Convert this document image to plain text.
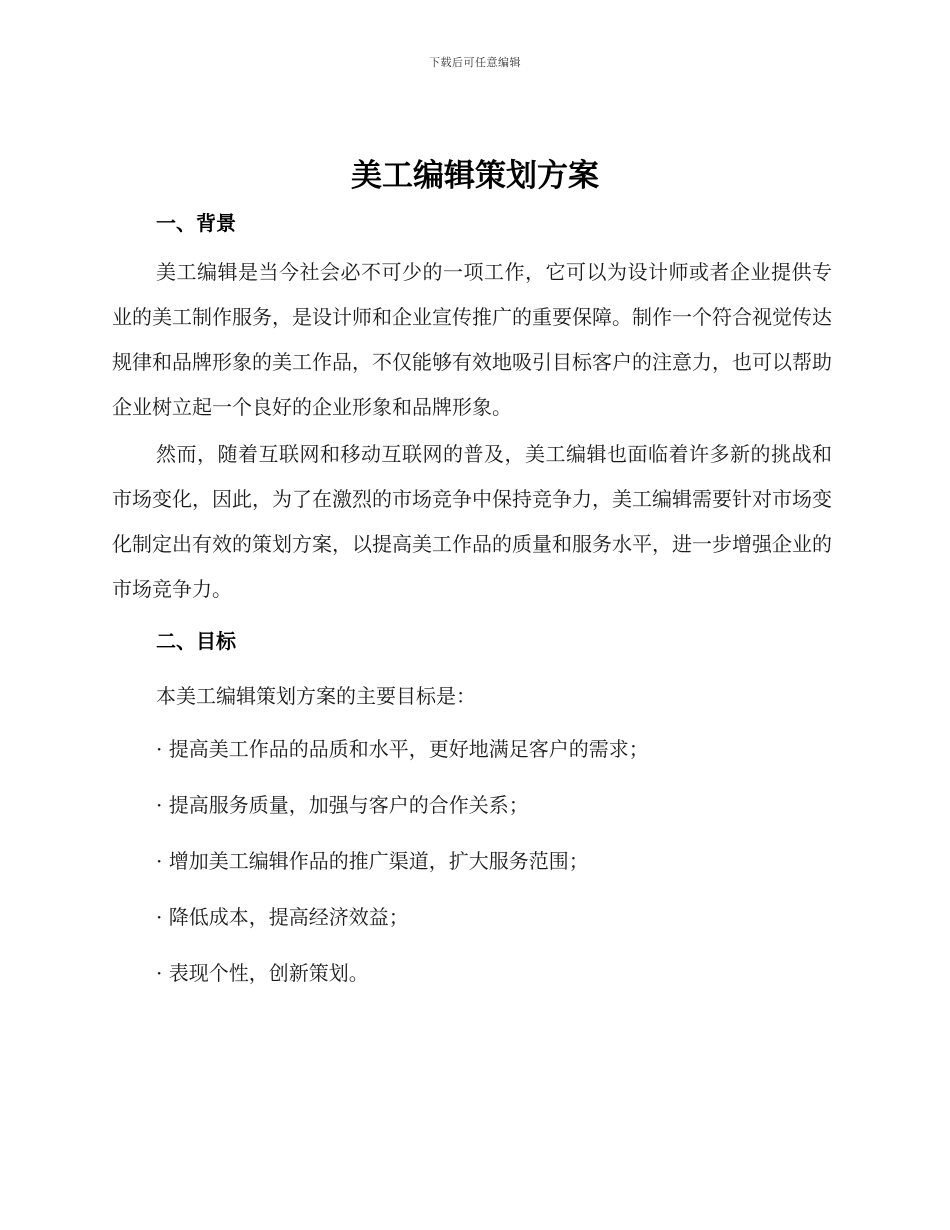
下载后可任意编辑
美工编辑策划方案
一、背景

美工编辑是当今社会必不可少的一项工作，它可以为设计师或者企业提供专业的美工制作服务，是设计师和企业宣传推广的重要保障。制作一个符合视觉传达规律和品牌形象的美工作品，不仅能够有效地吸引目标客户的注意力，也可以帮助企业树立起一个良好的企业形象和品牌形象。

然而，随着互联网和移动互联网的普及，美工编辑也面临着许多新的挑战和市场变化，因此，为了在激烈的市场竞争中保持竞争力，美工编辑需要针对市场变化制定出有效的策划方案，以提高美工作品的质量和服务水平，进一步增强企业的市场竞争力。

二、目标

本美工编辑策划方案的主要目标是：

· 提高美工作品的品质和水平，更好地满足客户的需求；
· 提高服务质量，加强与客户的合作关系；
· 增加美工编辑作品的推广渠道，扩大服务范围；
· 降低成本，提高经济效益；
· 表现个性，创新策划。
